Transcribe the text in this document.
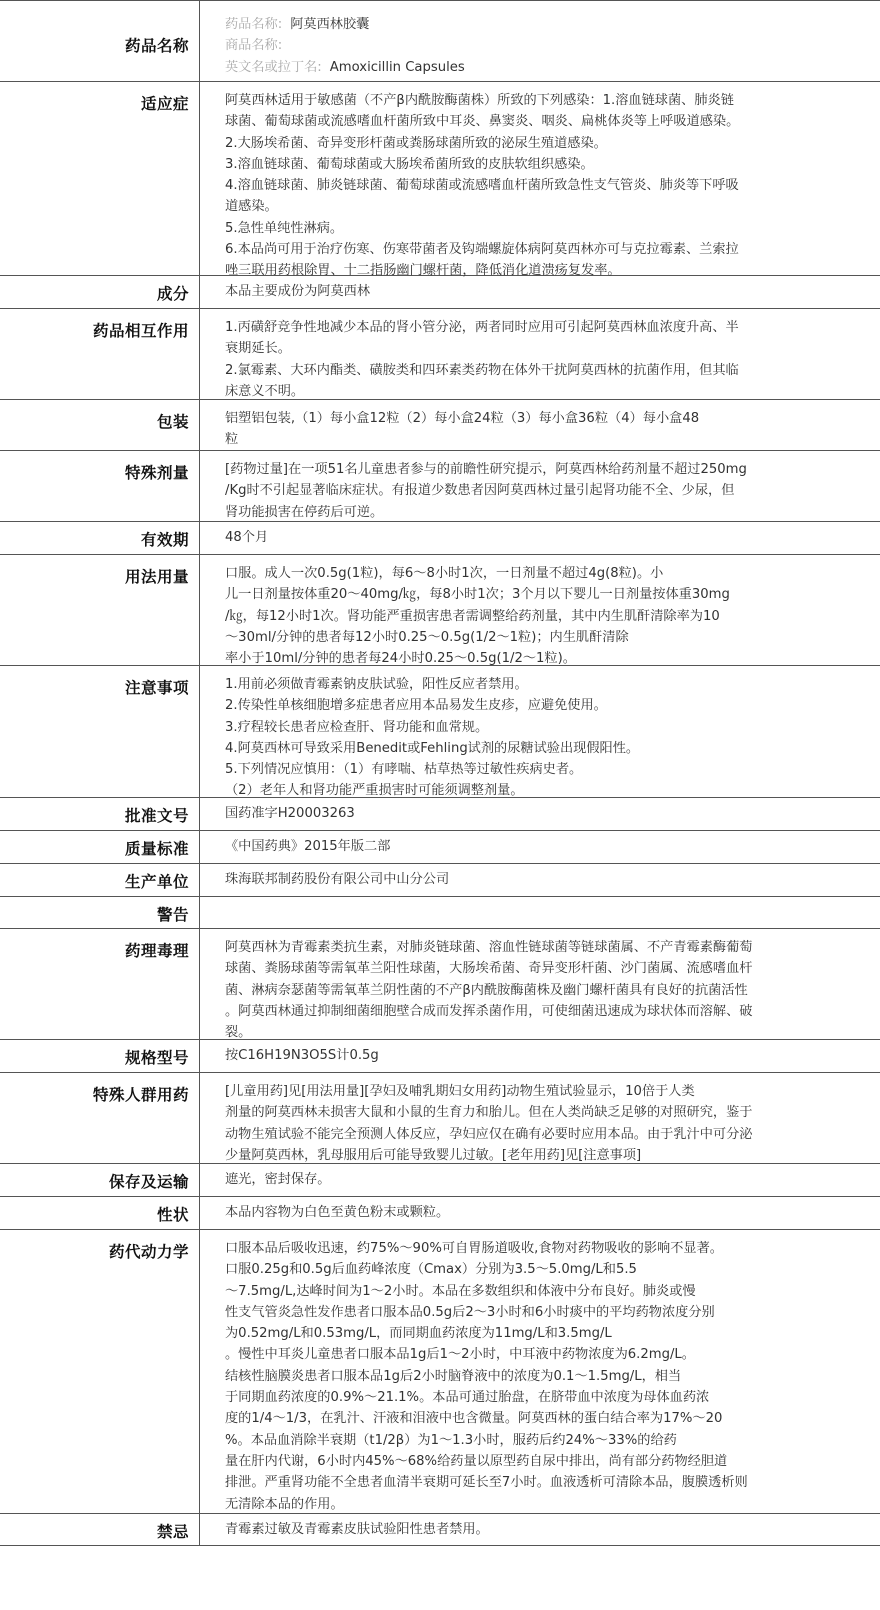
药品名称
药品名称: 阿莫西林胶囊
商品名称:
英文名或拉丁名: Amoxicillin Capsules
适应症	阿莫西林适用于敏感菌（不产β内酰胺酶菌株）所致的下列感染：1.溶血链球菌、肺炎链
球菌、葡萄球菌或流感嗜血杆菌所致中耳炎、鼻窦炎、咽炎、扁桃体炎等上呼吸道感染。
2.大肠埃希菌、奇异变形杆菌或粪肠球菌所致的泌尿生殖道感染。
3.溶血链球菌、葡萄球菌或大肠埃希菌所致的皮肤软组织感染。
4.溶血链球菌、肺炎链球菌、葡萄球菌或流感嗜血杆菌所致急性支气管炎、肺炎等下呼吸
道感染。
5.急性单纯性淋病。
6.本品尚可用于治疗伤寒、伤寒带菌者及钩端螺旋体病阿莫西林亦可与克拉霉素、兰索拉
唑三联用药根除胃、十二指肠幽门螺杆菌，降低消化道溃疡复发率。
成分	本品主要成份为阿莫西林
药品相互作用	1.丙磺舒竞争性地减少本品的肾小管分泌，两者同时应用可引起阿莫西林血浓度升高、半
衰期延长。
2.氯霉素、大环内酯类、磺胺类和四环素类药物在体外干扰阿莫西林的抗菌作用，但其临
床意义不明。
包装	铝塑铝包装,（1）每小盒12粒（2）每小盒24粒（3）每小盒36粒（4）每小盒48
粒
特殊剂量	[药物过量]在一项51名儿童患者参与的前瞻性研究提示，阿莫西林给药剂量不超过250mg
/Kg时不引起显著临床症状。有报道少数患者因阿莫西林过量引起肾功能不全、少尿，但
肾功能损害在停药后可逆。
有效期	48个月
用法用量	口服。成人一次0.5g(1粒)，每6～8小时1次，一日剂量不超过4g(8粒)。小
儿一日剂量按体重20～40mg/㎏，每8小时1次；3个月以下婴儿一日剂量按体重30mg
/㎏，每12小时1次。肾功能严重损害患者需调整给药剂量，其中内生肌酐清除率为10
～30ml/分钟的患者每12小时0.25～0.5g(1/2～1粒)；内生肌酐清除
率小于10ml/分钟的患者每24小时0.25～0.5g(1/2～1粒)。
注意事项	1.用前必须做青霉素钠皮肤试验，阳性反应者禁用。
2.传染性单核细胞增多症患者应用本品易发生皮疹，应避免使用。
3.疗程较长患者应检查肝、肾功能和血常规。
4.阿莫西林可导致采用Benedit或Fehling试剂的尿糖试验出现假阳性。
5.下列情况应慎用：（1）有哮喘、枯草热等过敏性疾病史者。
（2）老年人和肾功能严重损害时可能须调整剂量。
批准文号	国药准字H20003263
质量标准	《中国药典》2015年版二部
生产单位	珠海联邦制药股份有限公司中山分公司
警告
药理毒理	阿莫西林为青霉素类抗生素，对肺炎链球菌、溶血性链球菌等链球菌属、不产青霉素酶葡萄
球菌、粪肠球菌等需氧革兰阳性球菌，大肠埃希菌、奇异变形杆菌、沙门菌属、流感嗜血杆
菌、淋病奈瑟菌等需氧革兰阴性菌的不产β内酰胺酶菌株及幽门螺杆菌具有良好的抗菌活性
。阿莫西林通过抑制细菌细胞壁合成而发挥杀菌作用，可使细菌迅速成为球状体而溶解、破
裂。
规格型号	按C16H19N3O5S计0.5g
特殊人群用药	[儿童用药]见[用法用量][孕妇及哺乳期妇女用药]动物生殖试验显示，10倍于人类
剂量的阿莫西林未损害大鼠和小鼠的生育力和胎儿。但在人类尚缺乏足够的对照研究，鉴于
动物生殖试验不能完全预测人体反应，孕妇应仅在确有必要时应用本品。由于乳汁中可分泌
少量阿莫西林，乳母服用后可能导致婴儿过敏。[老年用药]见[注意事项]
保存及运输	遮光，密封保存。
性状	本品内容物为白色至黄色粉末或颗粒。
药代动力学	口服本品后吸收迅速，约75%～90%可自胃肠道吸收,食物对药物吸收的影响不显著。
口服0.25g和0.5g后血药峰浓度（Cmax）分别为3.5～5.0mg/L和5.5
～7.5mg/L,达峰时间为1～2小时。本品在多数组织和体液中分布良好。肺炎或慢
性支气管炎急性发作患者口服本品0.5g后2～3小时和6小时痰中的平均药物浓度分别
为0.52mg/L和0.53mg/L，而同期血药浓度为11mg/L和3.5mg/L
。慢性中耳炎儿童患者口服本品1g后1～2小时，中耳液中药物浓度为6.2mg/L。
结核性脑膜炎患者口服本品1g后2小时脑脊液中的浓度为0.1～1.5mg/L，相当
于同期血药浓度的0.9%～21.1%。本品可通过胎盘，在脐带血中浓度为母体血药浓
度的1/4～1/3，在乳汁、汗液和泪液中也含微量。阿莫西林的蛋白结合率为17%～20
%。本品血消除半衰期（t1/2β）为1～1.3小时，服药后约24%～33%的给药
量在肝内代谢，6小时内45%～68%给药量以原型药自尿中排出，尚有部分药物经胆道
排泄。严重肾功能不全患者血清半衰期可延长至7小时。血液透析可清除本品，腹膜透析则
无清除本品的作用。
禁忌	青霉素过敏及青霉素皮肤试验阳性患者禁用。
